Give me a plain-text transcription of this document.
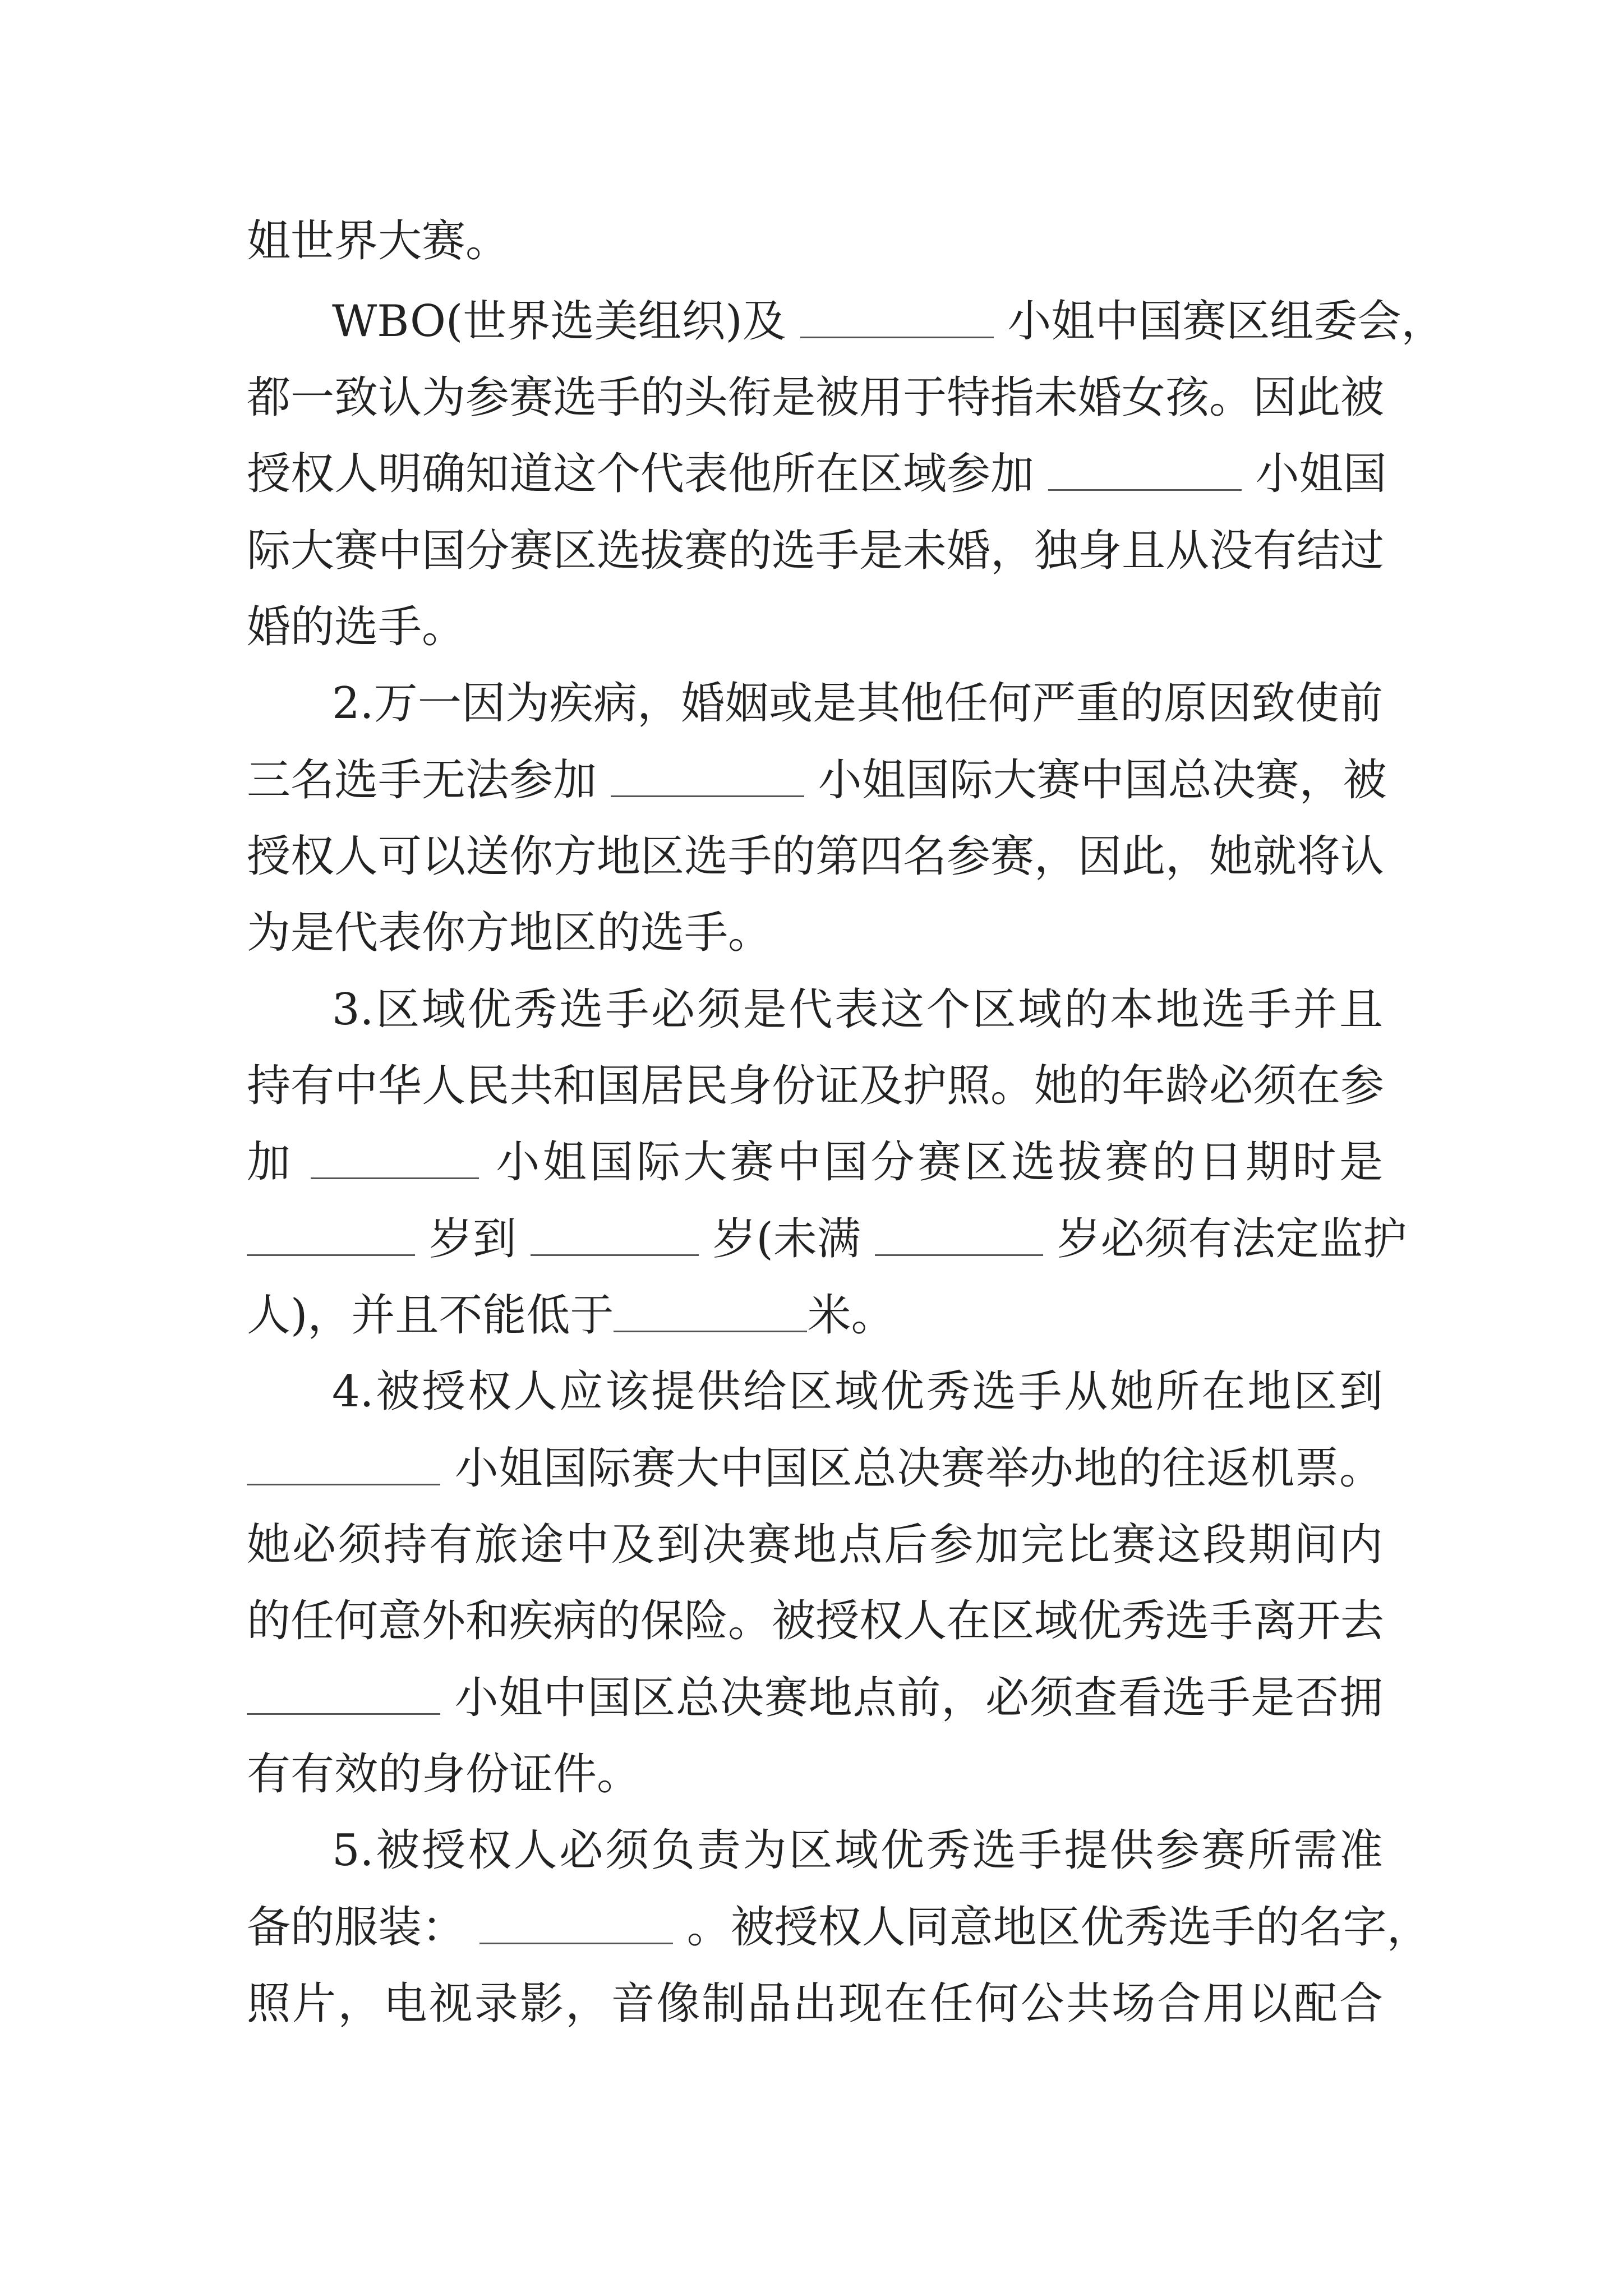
姐世界大赛。
WBO(世界选美组织)及	小姐中国赛区组委会，
都一致认为参赛选手的头衔是被用于特指未婚女孩。因此被
授权人明确知道这个代表他所在区域参加	小姐国
际大赛中国分赛区选拔赛的选手是未婚，独身且从没有结过
婚的选手。
2.万一因为疾病，婚姻或是其他任何严重的原因致使前
三名选手无法参加	小姐国际大赛中国总决赛，被
授权人可以送你方地区选手的第四名参赛，因此，她就将认
为是代表你方地区的选手。
3.区域优秀选手必须是代表这个区域的本地选手并且
持有中华人民共和国居民身份证及护照。她的年龄必须在参
加	小姐国际大赛中国分赛区选拔赛的日期时是
岁到	岁(未满	岁必须有法定监护
人)，并且不能低于	米。
4.被授权人应该提供给区域优秀选手从她所在地区到
小姐国际赛大中国区总决赛举办地的往返机票。
她必须持有旅途中及到决赛地点后参加完比赛这段期间内
的任何意外和疾病的保险。被授权人在区域优秀选手离开去
小姐中国区总决赛地点前，必须查看选手是否拥
有有效的身份证件。
5.被授权人必须负责为区域优秀选手提供参赛所需准
备的服装：	。被授权人同意地区优秀选手的名字，
照片，电视录影，音像制品出现在任何公共场合用以配合
